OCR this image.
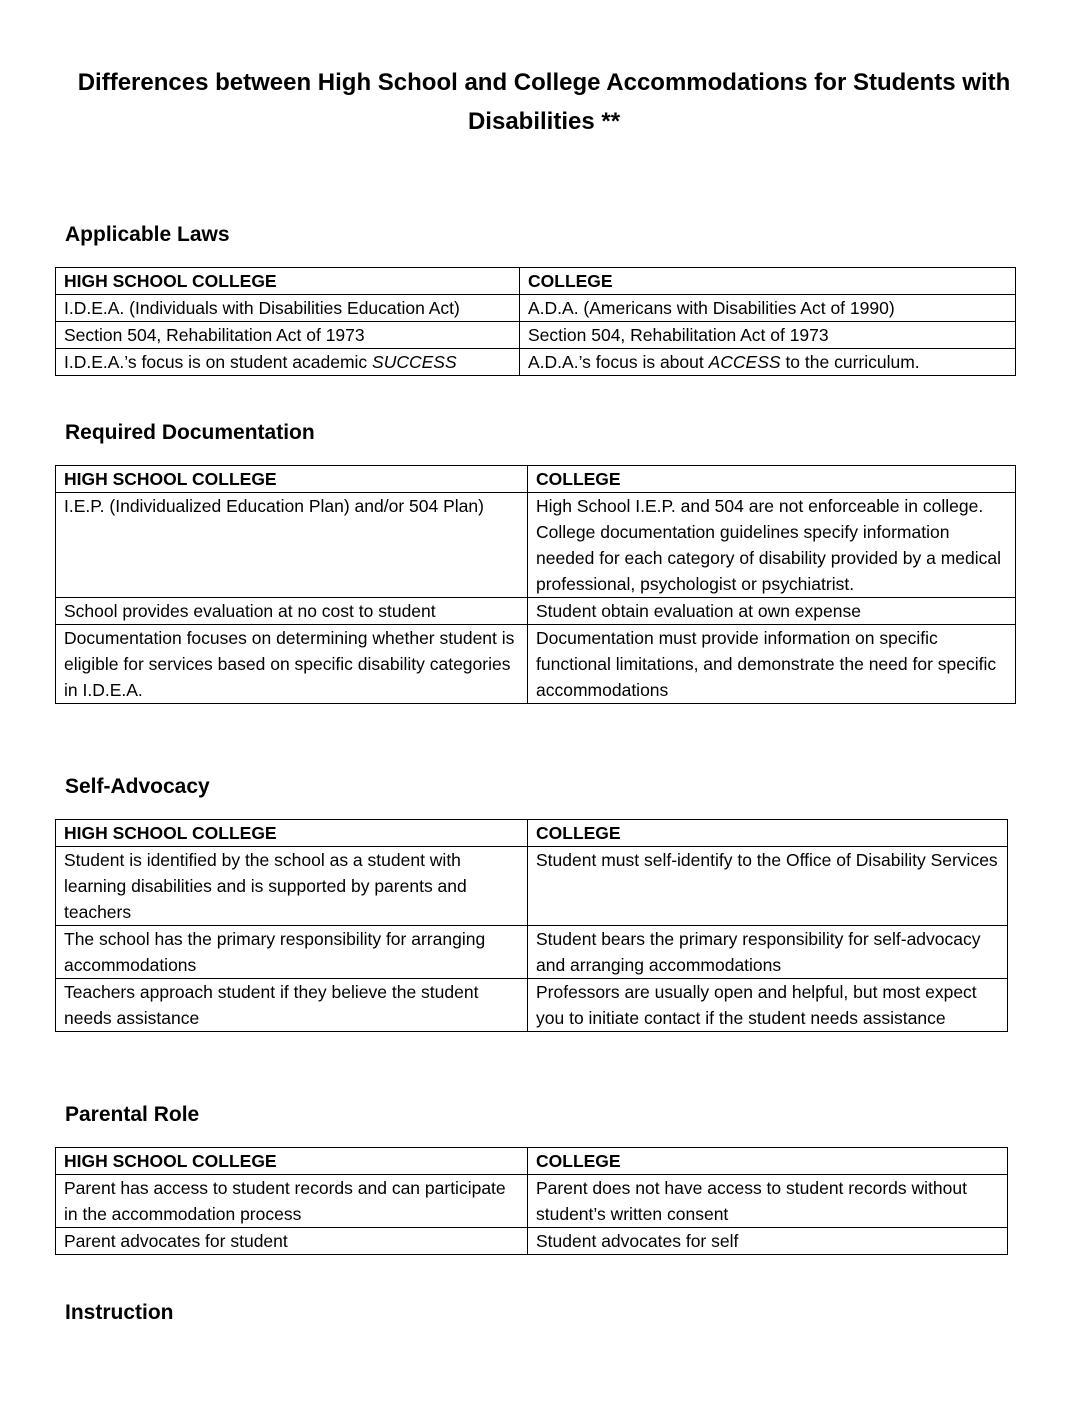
Differences between High School and College Accommodations for Students with Disabilities **
Applicable Laws
HIGH SCHOOL COLLEGE	COLLEGE
I.D.E.A. (Individuals with Disabilities Education Act)	A.D.A. (Americans with Disabilities Act of 1990)
Section 504, Rehabilitation Act of 1973	Section 504, Rehabilitation Act of 1973
I.D.E.A.’s focus is on student academic SUCCESS	A.D.A.’s focus is about ACCESS to the curriculum.
Required Documentation
HIGH SCHOOL COLLEGE	COLLEGE
I.E.P. (Individualized Education Plan) and/or 504 Plan)	High School I.E.P. and 504 are not enforceable in college. College documentation guidelines specify information needed for each category of disability provided by a medical professional, psychologist or psychiatrist.
School provides evaluation at no cost to student	Student obtain evaluation at own expense
Documentation focuses on determining whether student is eligible for services based on specific disability categories in I.D.E.A.	Documentation must provide information on specific functional limitations, and demonstrate the need for specific accommodations
Self-Advocacy
HIGH SCHOOL COLLEGE	COLLEGE
Student is identified by the school as a student with learning disabilities and is supported by parents and teachers	Student must self-identify to the Office of Disability Services
The school has the primary responsibility for arranging accommodations	Student bears the primary responsibility for self-advocacy and arranging accommodations
Teachers approach student if they believe the student needs assistance	Professors are usually open and helpful, but most expect you to initiate contact if the student needs assistance
Parental Role
HIGH SCHOOL COLLEGE	COLLEGE
Parent has access to student records and can participate in the accommodation process	Parent does not have access to student records without student’s written consent
Parent advocates for student	Student advocates for self
Instruction
